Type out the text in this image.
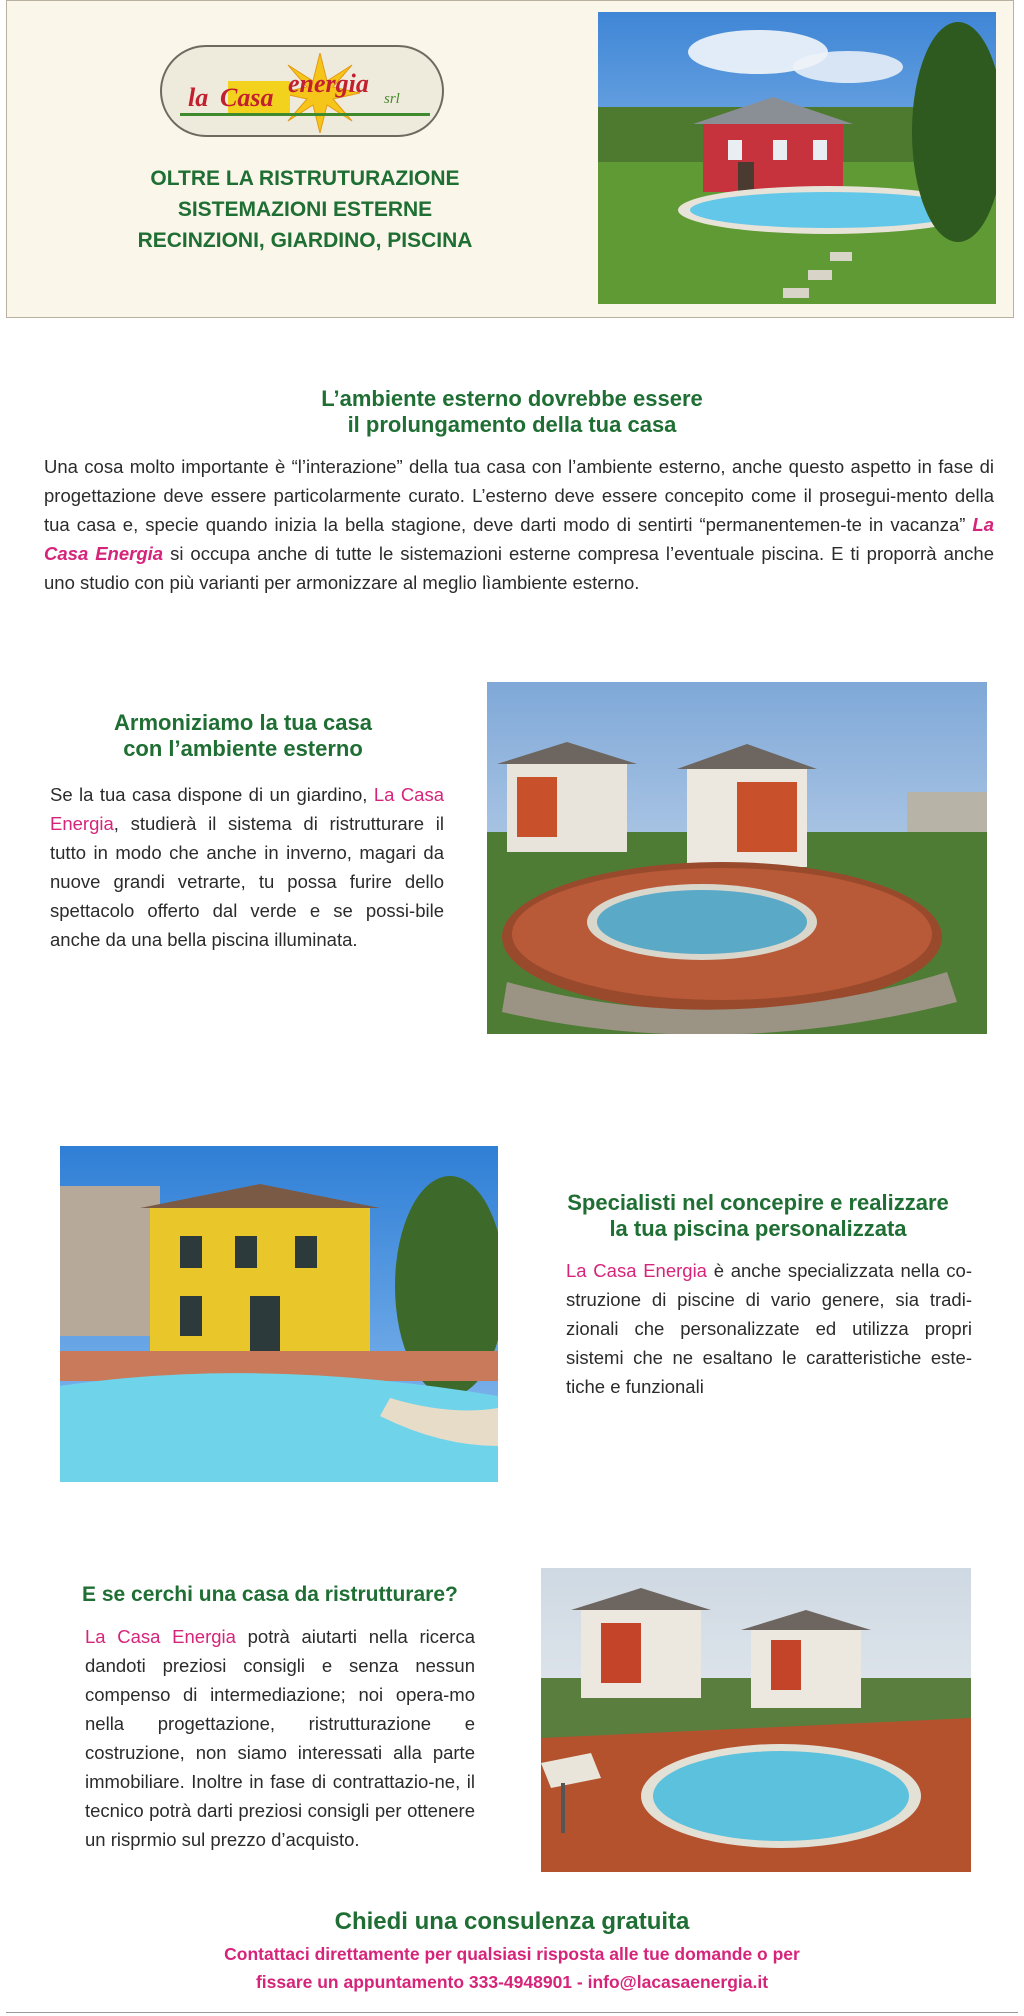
la Casa energia
srl
OLTRE LA RISTRUTURAZIONE
SISTEMAZIONI ESTERNE
RECINZIONI, GIARDINO, PISCINA
L’ambiente esterno dovrebbe essere
il prolungamento della tua casa

Una cosa molto importante è “l’interazione” della tua casa con l’ambiente esterno, anche questo aspetto in fase di progettazione deve essere particolarmente curato. L’esterno deve essere concepito come il prosegui-mento della tua casa e, specie quando inizia la bella stagione, deve darti modo di sentirti “permanentemen-te in vacanza” La Casa Energia si occupa anche di tutte le sistemazioni esterne compresa l’eventuale piscina. E ti proporrà anche uno studio con più varianti per armonizzare al meglio lìambiente esterno.

Armoniziamo la tua casa
con l’ambiente esterno

Se la tua casa dispone di un giardino, La Casa Energia, studierà il sistema di ristrutturare il tutto in modo che anche in inverno, magari da nuove grandi vetrarte, tu possa furire dello spettacolo offerto dal verde e se possi-bile anche da una bella piscina illuminata.

Specialisti nel concepire e realizzare
la tua piscina personalizzata

La Casa Energia è anche specializzata nella co-struzione di piscine di vario genere, sia tradi-zionali che personalizzate ed utilizza propri sistemi che ne esaltano le caratteristiche este-tiche e funzionali

E se cerchi una casa da ristrutturare?

La Casa Energia potrà aiutarti nella ricerca dandoti preziosi consigli e senza nessun compenso di intermediazione; noi opera-mo nella progettazione, ristrutturazione e costruzione, non siamo interessati alla parte immobiliare. Inoltre in fase di contrattazio-ne, il tecnico potrà darti preziosi consigli per ottenere un risprmio sul prezzo d’acquisto.

Chiedi una consulenza gratuita
Contattaci direttamente per qualsiasi risposta alle tue domande o per
fissare un appuntamento 333-4948901 - info@lacasaenergia.it
